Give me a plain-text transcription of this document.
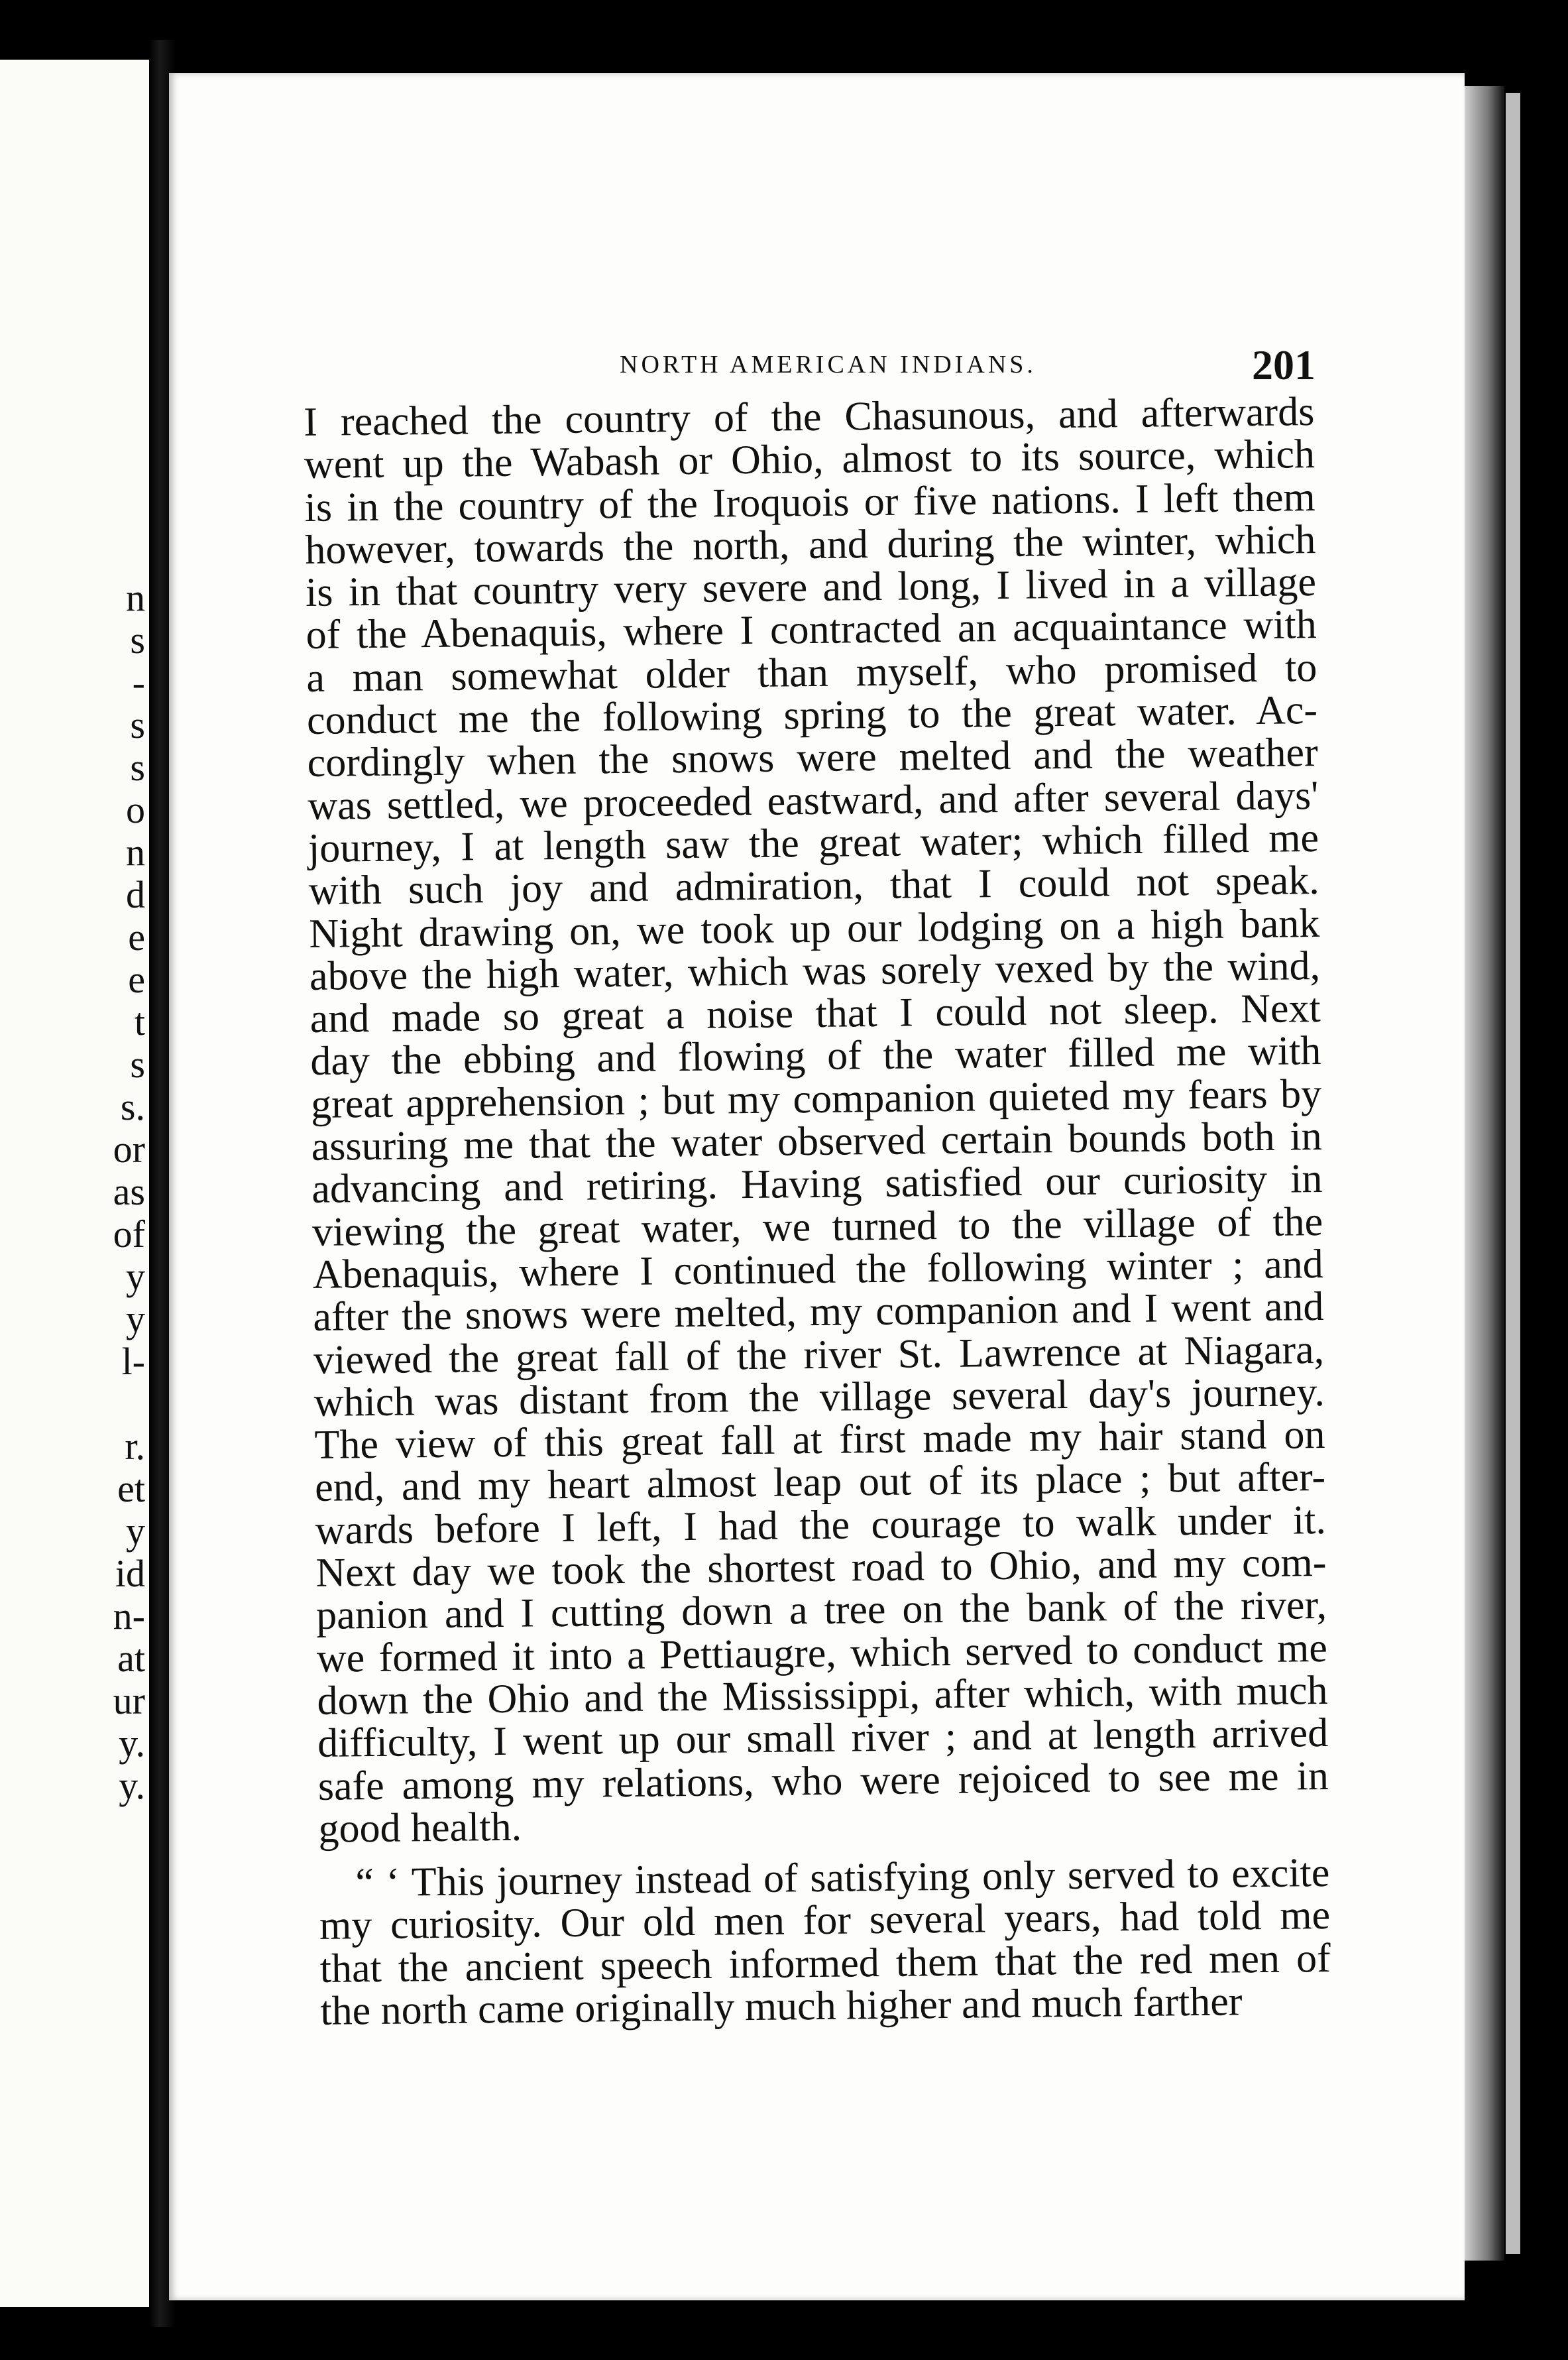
n
s
-
s
s
o
n
d
e
e
t
s
s.
or
as
of
y
y
l-
r.
et
y
id
n-
at
ur
y.
y.
NORTH AMERICAN INDIANS.	201
I reached the country of the Chasunous, and afterwards
went up the Wabash or Ohio, almost to its source, which
is in the country of the Iroquois or five nations. I left them
however, towards the north, and during the winter, which
is in that country very severe and long, I lived in a village
of the Abenaquis, where I contracted an acquaintance with
a man somewhat older than myself, who promised to
conduct me the following spring to the great water. Ac-
cordingly when the snows were melted and the weather
was settled, we proceeded eastward, and after several days'
journey, I at length saw the great water; which filled me
with such joy and admiration, that I could not speak.
Night drawing on, we took up our lodging on a high bank
above the high water, which was sorely vexed by the wind,
and made so great a noise that I could not sleep. Next
day the ebbing and flowing of the water filled me with
great apprehension ; but my companion quieted my fears by
assuring me that the water observed certain bounds both in
advancing and retiring. Having satisfied our curiosity in
viewing the great water, we turned to the village of the
Abenaquis, where I continued the following winter ; and
after the snows were melted, my companion and I went and
viewed the great fall of the river St. Lawrence at Niagara,
which was distant from the village several day's journey.
The view of this great fall at first made my hair stand on
end, and my heart almost leap out of its place ; but after-
wards before I left, I had the courage to walk under it.
Next day we took the shortest road to Ohio, and my com-
panion and I cutting down a tree on the bank of the river,
we formed it into a Pettiaugre, which served to conduct me
down the Ohio and the Mississippi, after which, with much
difficulty, I went up our small river ; and at length arrived
safe among my relations, who were rejoiced to see me in
good health.
“ ‘ This journey instead of satisfying only served to excite
my curiosity. Our old men for several years, had told me
that the ancient speech informed them that the red men of
the north came originally much higher and much farther
